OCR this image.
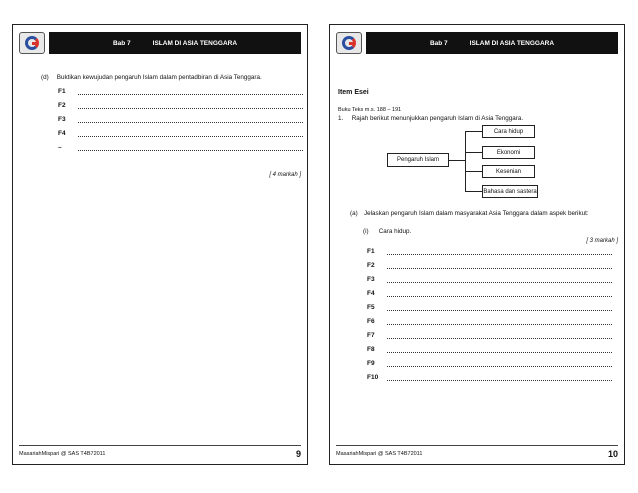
Bab 7	ISLAM DI ASIA TENGGARA
(d) Buktikan kewujudan pengaruh Islam dalam pentadbiran di Asia Tenggara.
F1
F2
F3
F4
–
[ 4 markah ]
MasariahMispari @ SAS T4B72011	9
Bab 7	ISLAM DI ASIA TENGGARA
Item Esei
Buku Teks m.s. 188 – 191
1. Rajah berikut menunjukkan pengaruh Islam di Asia Tenggara.
Cara hidup
Ekonomi
Kesenian
Bahasa dan sastera
Pengaruh Islam
(a) Jelaskan pengaruh Islam dalam masyarakat Asia Tenggara dalam aspek berikut:
(i) Cara hidup.
[ 3 markah ]
F1
F2
F3
F4
F5
F6
F7
F8
F9
F10
MasariahMispari @ SAS T4B72011	10
